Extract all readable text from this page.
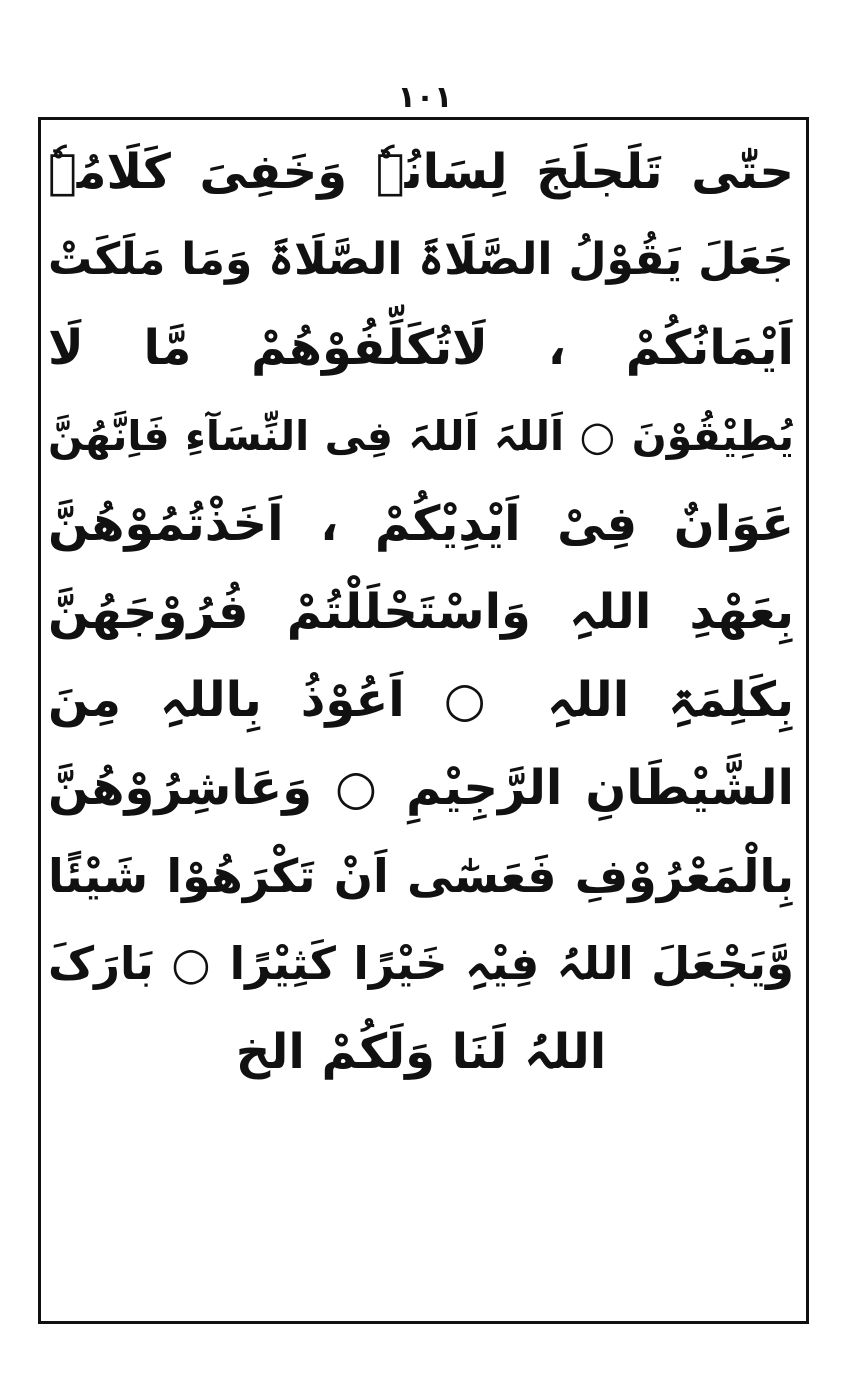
١٠١
حتّٰی تَلَجلَجَ لِسَانُہٗ وَخَفِیَ کَلَامُہٗ
جَعَلَ یَقُوْلُ الصَّلَاۃَ الصَّلَاۃَ وَمَا مَلَکَتْ
اَیْمَانُکُمْ ، لَاتُکَلِّفُوْھُمْ مَّا لَا
یُطِیْقُوْنَ ○ اَللہَ اَللہَ فِی النِّسَآءِ فَاِنَّھُنَّ
عَوَانٌ فِیْ اَیْدِیْکُمْ ، اَخَذْتُمُوْھُنَّ
بِعَھْدِ اللہِ وَاسْتَحْلَلْتُمْ فُرُوْجَھُنَّ
بِکَلِمَۃِ اللہِ ○ اَعُوْذُ بِاللہِ مِنَ
الشَّیْطَانِ الرَّجِیْمِ ○ وَعَاشِرُوْھُنَّ
بِالْمَعْرُوْفِ فَعَسٰٓی اَنْ تَکْرَھُوْا شَیْئًا
وَّیَجْعَلَ اللہُ فِیْہِ خَیْرًا کَثِیْرًا ○ بَارَکَ
اللہُ لَنَا وَلَکُمْ الخ
